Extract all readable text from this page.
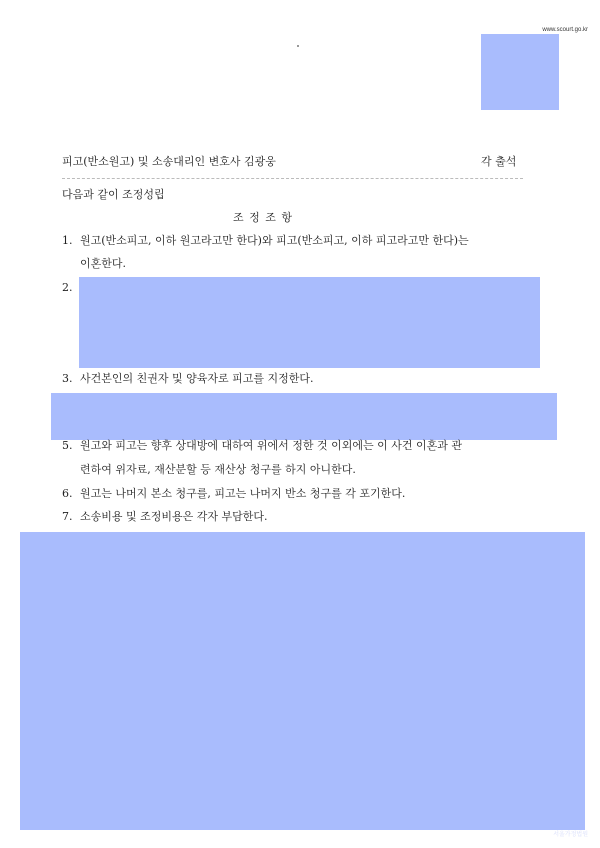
www.scourt.go.kr
피고(반소원고) 및 소송대리인 변호사 김광웅	각 출석
다음과 같이 조정성립
조 정 조 항
1. 원고(반소피고, 이하 원고라고만 한다)와 피고(반소피고, 이하 피고라고만 한다)는
이혼한다.
2.
3. 사건본인의 친권자 및 양육자로 피고를 지정한다.
5. 원고와 피고는 향후 상대방에 대하여 위에서 정한 것 이외에는 이 사건 이혼과 관
련하여 위자료, 재산분할 등 재산상 청구를 하지 아니한다.
6. 원고는 나머지 본소 청구를, 피고는 나머지 반소 청구를 각 포기한다.
7. 소송비용 및 조정비용은 각자 부담한다.
서울가정법원
